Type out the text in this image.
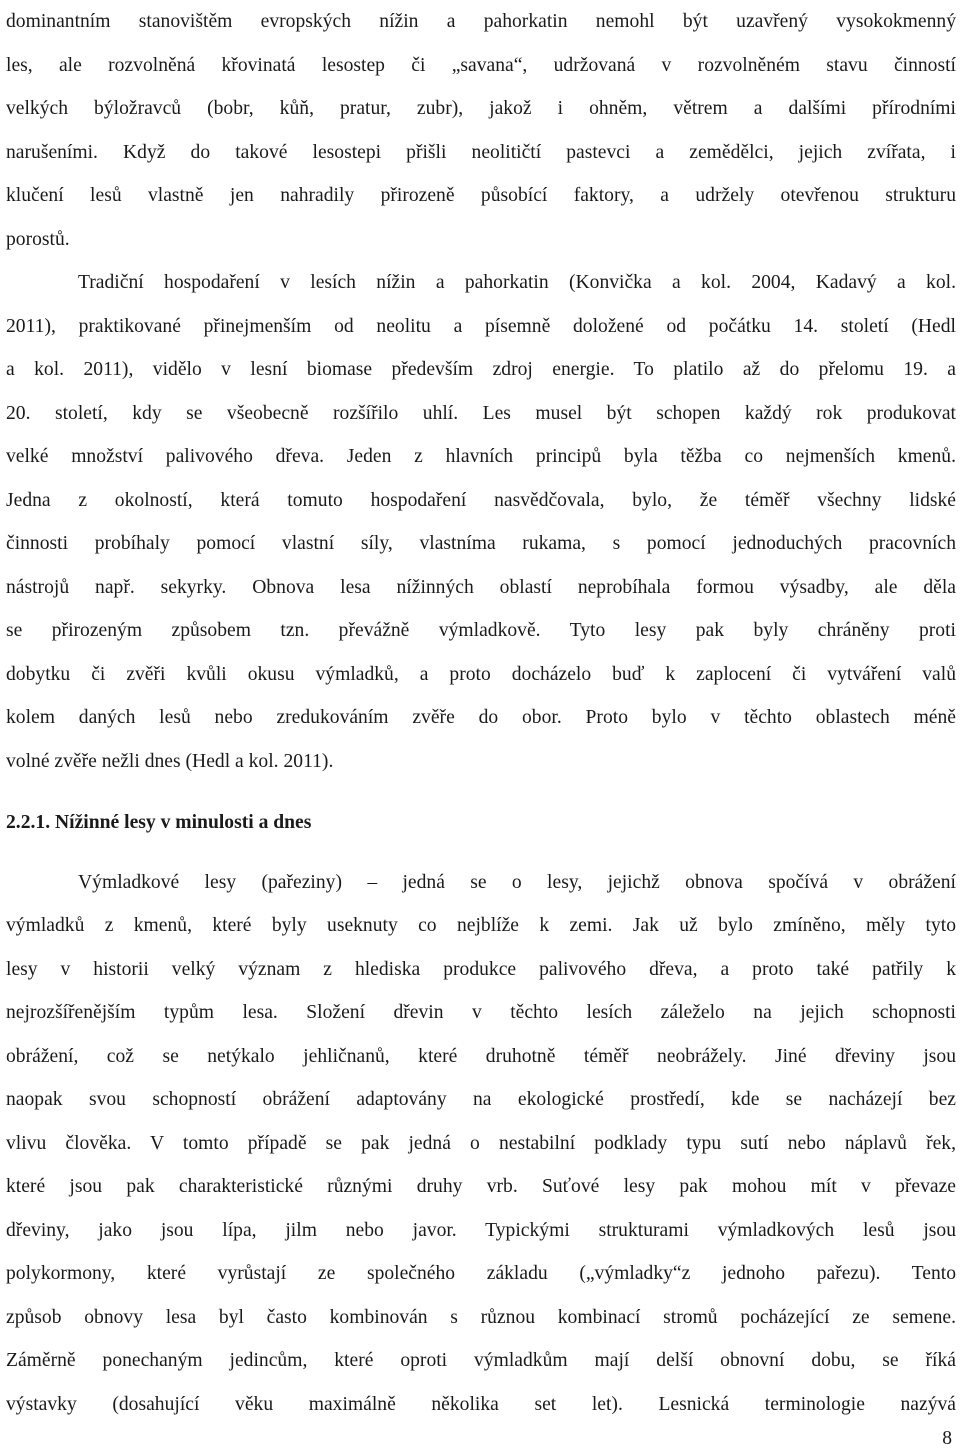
dominantním stanovištěm evropských nížin a pahorkatin nemohl být uzavřený vysokokmenný
les, ale rozvolněná křovinatá lesostep či „savana“, udržovaná v rozvolněném stavu činností
velkých býložravců (bobr, kůň, pratur, zubr), jakož i ohněm, větrem a dalšími přírodními
narušeními. Když do takové lesostepi přišli neolitičtí pastevci a zemědělci, jejich zvířata, i
klučení lesů vlastně jen nahradily přirozeně působící faktory, a udržely otevřenou strukturu
porostů.
Tradiční hospodaření v lesích nížin a pahorkatin (Konvička a kol. 2004, Kadavý a kol.
2011), praktikované přinejmenším od neolitu a písemně doložené od počátku 14. století (Hedl
a kol. 2011), vidělo v lesní biomase především zdroj energie. To platilo až do přelomu 19. a
20. století, kdy se všeobecně rozšířilo uhlí. Les musel být schopen každý rok produkovat
velké množství palivového dřeva. Jeden z hlavních principů byla těžba co nejmenších kmenů.
Jedna z okolností, která tomuto hospodaření nasvědčovala, bylo, že téměř všechny lidské
činnosti probíhaly pomocí vlastní síly, vlastníma rukama, s pomocí jednoduchých pracovních
nástrojů např. sekyrky. Obnova lesa nížinných oblastí neprobíhala formou výsadby, ale děla
se přirozeným způsobem tzn. převážně výmladkově. Tyto lesy pak byly chráněny proti
dobytku či zvěři kvůli okusu výmladků, a proto docházelo buď k zaplocení či vytváření valů
kolem daných lesů nebo zredukováním zvěře do obor. Proto bylo v těchto oblastech méně
volné zvěře nežli dnes (Hedl a kol. 2011).
2.2.1. Nížinné lesy v minulosti a dnes
Výmladkové lesy (pařeziny) – jedná se o lesy, jejichž obnova spočívá v obrážení
výmladků z kmenů, které byly useknuty co nejblíže k zemi. Jak už bylo zmíněno, měly tyto
lesy v historii velký význam z hlediska produkce palivového dřeva, a proto také patřily k
nejrozšířenějším typům lesa. Složení dřevin v těchto lesích záleželo na jejich schopnosti
obrážení, což se netýkalo jehličnanů, které druhotně téměř neobrážely. Jiné dřeviny jsou
naopak svou schopností obrážení adaptovány na ekologické prostředí, kde se nacházejí bez
vlivu člověka. V tomto případě se pak jedná o nestabilní podklady typu sutí nebo náplavů řek,
které jsou pak charakteristické různými druhy vrb. Suťové lesy pak mohou mít v převaze
dřeviny, jako jsou lípa, jilm nebo javor. Typickými strukturami výmladkových lesů jsou
polykormony, které vyrůstají ze společného základu („výmladky“z jednoho pařezu). Tento
způsob obnovy lesa byl často kombinován s různou kombinací stromů pocházející ze semene.
Záměrně ponechaným jedincům, které oproti výmladkům mají delší obnovní dobu, se říká
výstavky (dosahující věku maximálně několika set let). Lesnická terminologie nazývá
8
